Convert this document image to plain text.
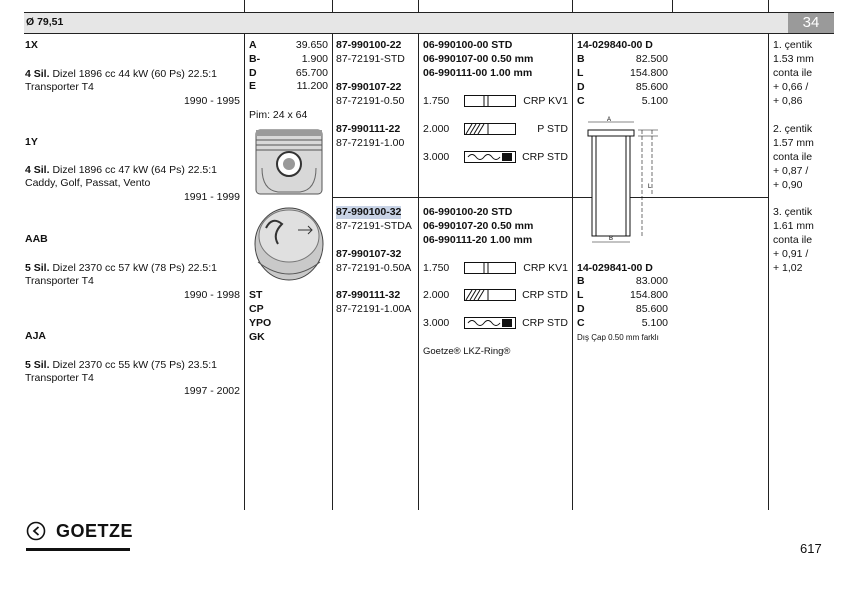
Ø 79,51	34
1X
4 Sil. Dizel 1896 cc 44 kW (60 Ps) 22.5:1
Transporter T4
1990 - 1995
1Y
4 Sil. Dizel 1896 cc 47 kW (64 Ps) 22.5:1
Caddy, Golf, Passat, Vento
1991 - 1999
AAB
5 Sil. Dizel 2370 cc 57 kW (78 Ps) 22.5:1
Transporter T4
1990 - 1998
AJA
5 Sil. Dizel 2370 cc 55 kW (75 Ps) 23.5:1
Transporter T4
1997 - 2002
A	39.650
B-	1.900
D	65.700
E	11.200
Pim: 24 x 64
ST
CP
YPO
GK
87-990100-22
87-72191-STD
87-990107-22
87-72191-0.50
87-990111-22
87-72191-1.00
87-990100-32
87-72191-STDA
87-990107-32
87-72191-0.50A
87-990111-32
87-72191-1.00A
06-990100-00 STD
06-990107-00 0.50 mm
06-990111-00 1.00 mm
1.750	CRP KV1
2.000	P STD
3.000	CRP STD
06-990100-20 STD
06-990107-20 0.50 mm
06-990111-20 1.00 mm
1.750	CRP KV1
2.000	CRP STD
3.000	CRP STD
Goetze® LKZ-Ring®
14-029840-00 D
B	82.500
L	154.800
D	85.600
C	5.100
A
B
L
14-029841-00 D
B	83.000
L	154.800
D	85.600
C	5.100
Dış Çap 0.50 mm farklı
1. çentik
1.53 mm
conta ile
+ 0,66 /
+ 0,86
2. çentik
1.57 mm
conta ile
+ 0,87 /
+ 0,90
3. çentik
1.61 mm
conta ile
+ 0,91 /
+ 1,02
GOETZE
617
